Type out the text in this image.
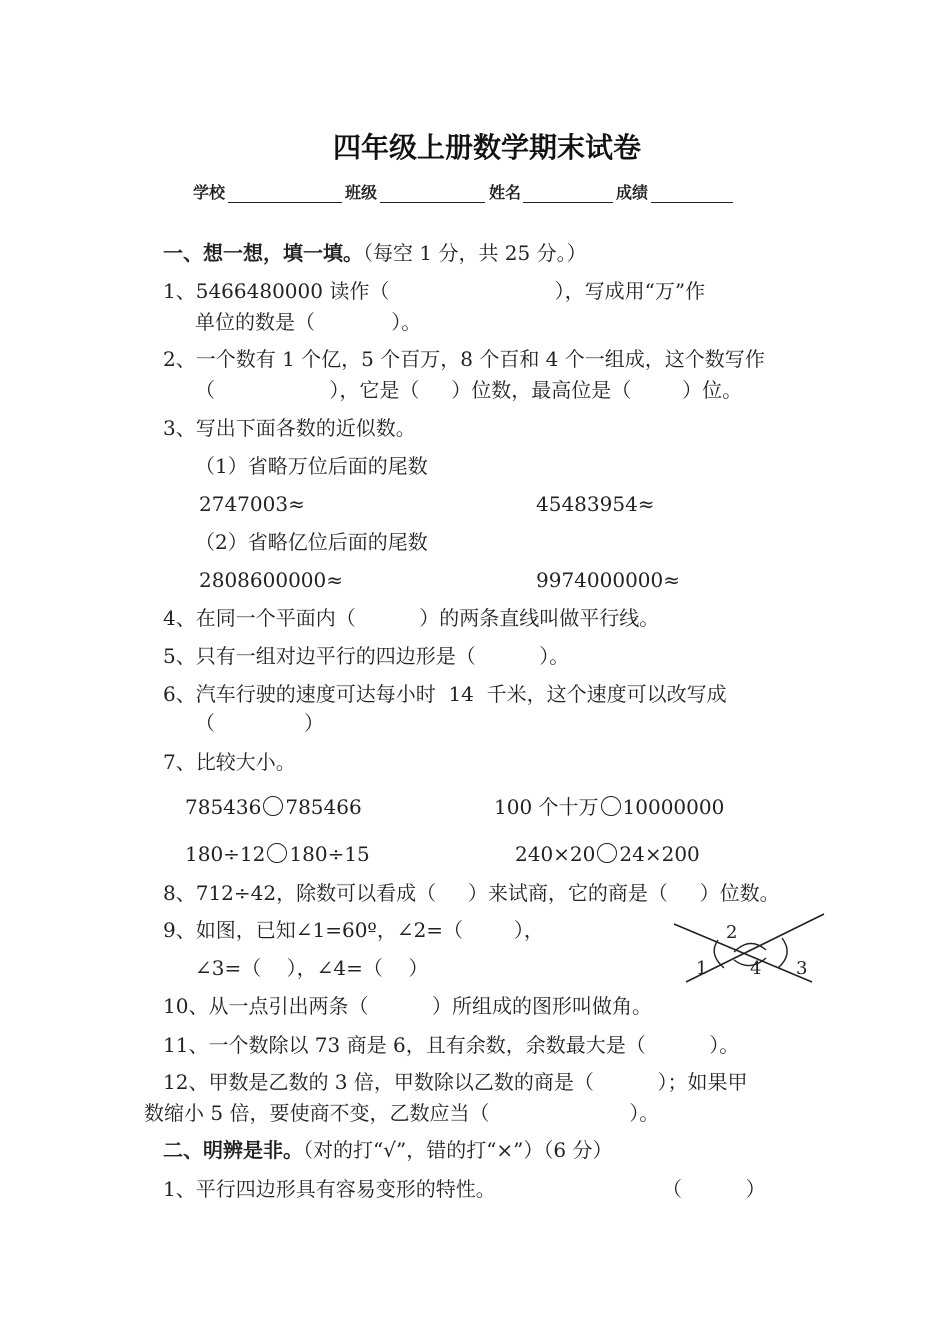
四年级上册数学期末试卷
学校	班级	姓名	成绩
一、想一想，填一填。（每空 1 分，共 25 分。）
1、5466480000 读作（                          ），写成用“万”作
单位的数是（            ）。
2、一个数有 1 个亿，5 个百万，8 个百和 4 个一组成，这个数写作
（                  ），它是（     ）位数，最高位是（        ）位。
3、写出下面各数的近似数。
（1）省略万位后面的尾数
2747003≈	45483954≈
（2）省略亿位后面的尾数
2808600000≈	9974000000≈
4、在同一个平面内（          ）的两条直线叫做平行线。
5、只有一组对边平行的四边形是（          ）。
6、汽车行驶的速度可达每小时  14  千米，这个速度可以改写成
（              ）
7、比较大小。
785436 785466	100 个十万 10000000
180÷12 180÷15	240×20 24×200
8、712÷42，除数可以看成（     ）来试商，它的商是（     ）位数。
9、如图，已知∠1=60º，∠2=（        ），
∠3=（    ），∠4=（    ）	1
2
3
4
10、从一点引出两条（          ）所组成的图形叫做角。
11、一个数除以 73 商是 6，且有余数，余数最大是（          ）。
12、甲数是乙数的 3 倍，甲数除以乙数的商是（          ）；如果甲
数缩小 5 倍，要使商不变，乙数应当（                      ）。
二、明辨是非。（对的打“√”，错的打“×”）（6 分）
1、平行四边形具有容易变形的特性。	（          ）
